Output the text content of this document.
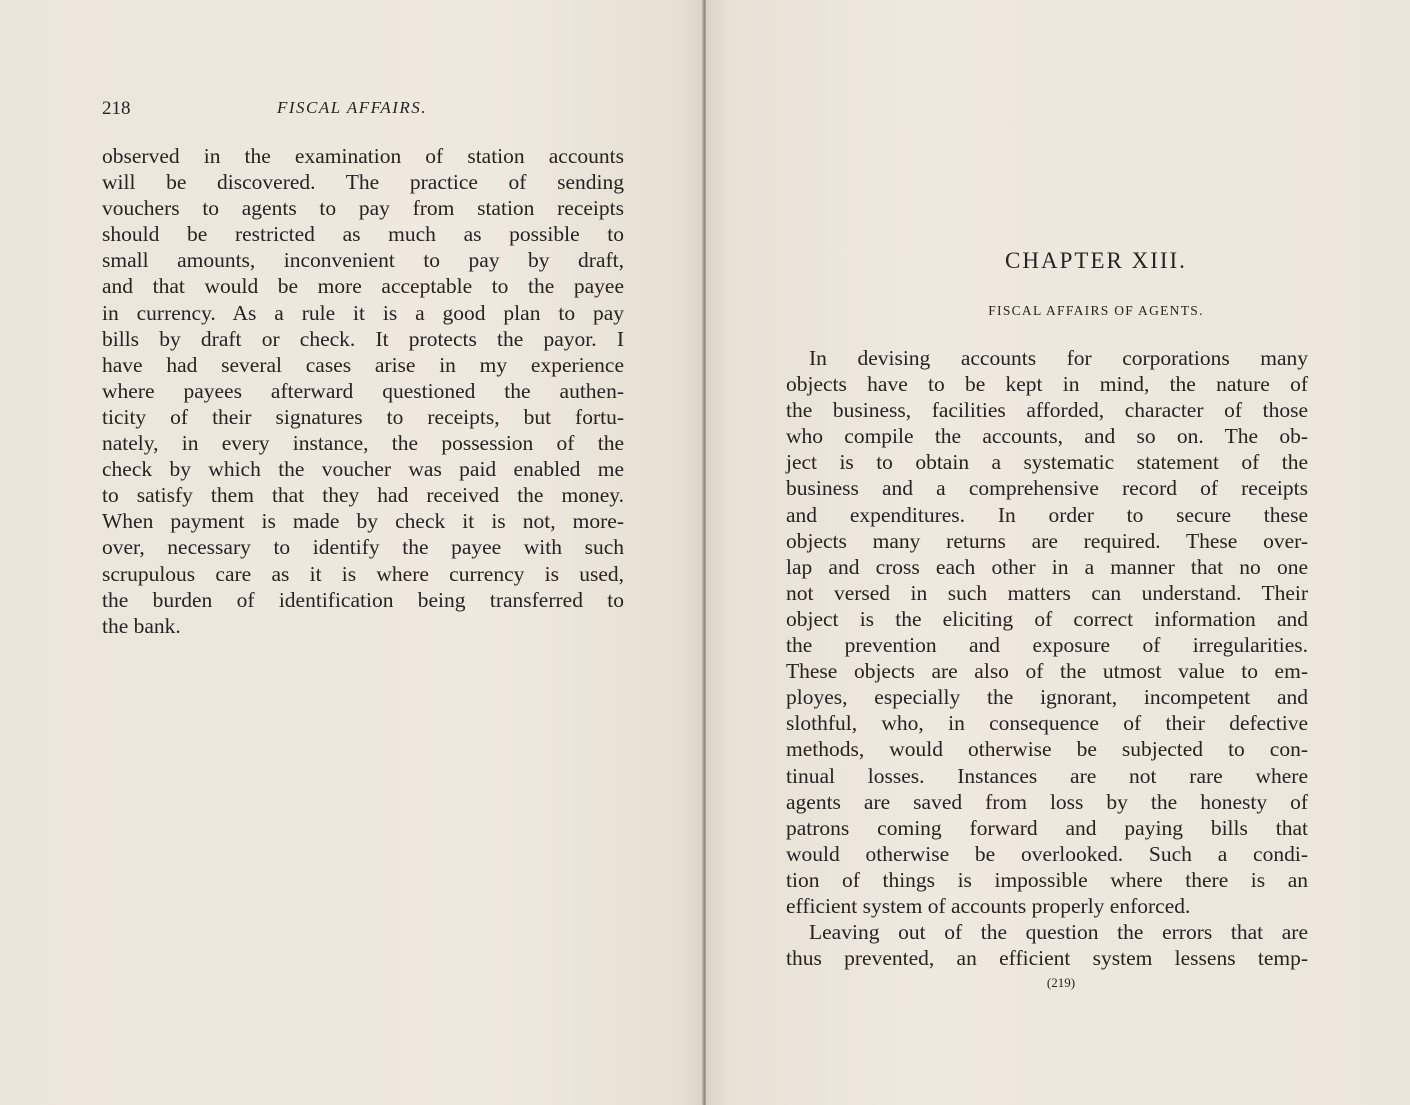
218	FISCAL AFFAIRS.
observed in the examination of station accounts
will be discovered. The practice of sending
vouchers to agents to pay from station receipts
should be restricted as much as possible to
small amounts, inconvenient to pay by draft,
and that would be more acceptable to the payee
in currency. As a rule it is a good plan to pay
bills by draft or check. It protects the payor. I
have had several cases arise in my experience
where payees afterward questioned the authen-
ticity of their signatures to receipts, but fortu-
nately, in every instance, the possession of the
check by which the voucher was paid enabled me
to satisfy them that they had received the money.
When payment is made by check it is not, more-
over, necessary to identify the payee with such
scrupulous care as it is where currency is used,
the burden of identification being transferred to
the bank.
CHAPTER XIII.
FISCAL AFFAIRS OF AGENTS.
In devising accounts for corporations many
objects have to be kept in mind, the nature of
the business, facilities afforded, character of those
who compile the accounts, and so on. The ob-
ject is to obtain a systematic statement of the
business and a comprehensive record of receipts
and expenditures. In order to secure these
objects many returns are required. These over-
lap and cross each other in a manner that no one
not versed in such matters can understand. Their
object is the eliciting of correct information and
the prevention and exposure of irregularities.
These objects are also of the utmost value to em-
ployes, especially the ignorant, incompetent and
slothful, who, in consequence of their defective
methods, would otherwise be subjected to con-
tinual losses. Instances are not rare where
agents are saved from loss by the honesty of
patrons coming forward and paying bills that
would otherwise be overlooked. Such a condi-
tion of things is impossible where there is an
efficient system of accounts properly enforced.
Leaving out of the question the errors that are
thus prevented, an efficient system lessens temp-
(219)
